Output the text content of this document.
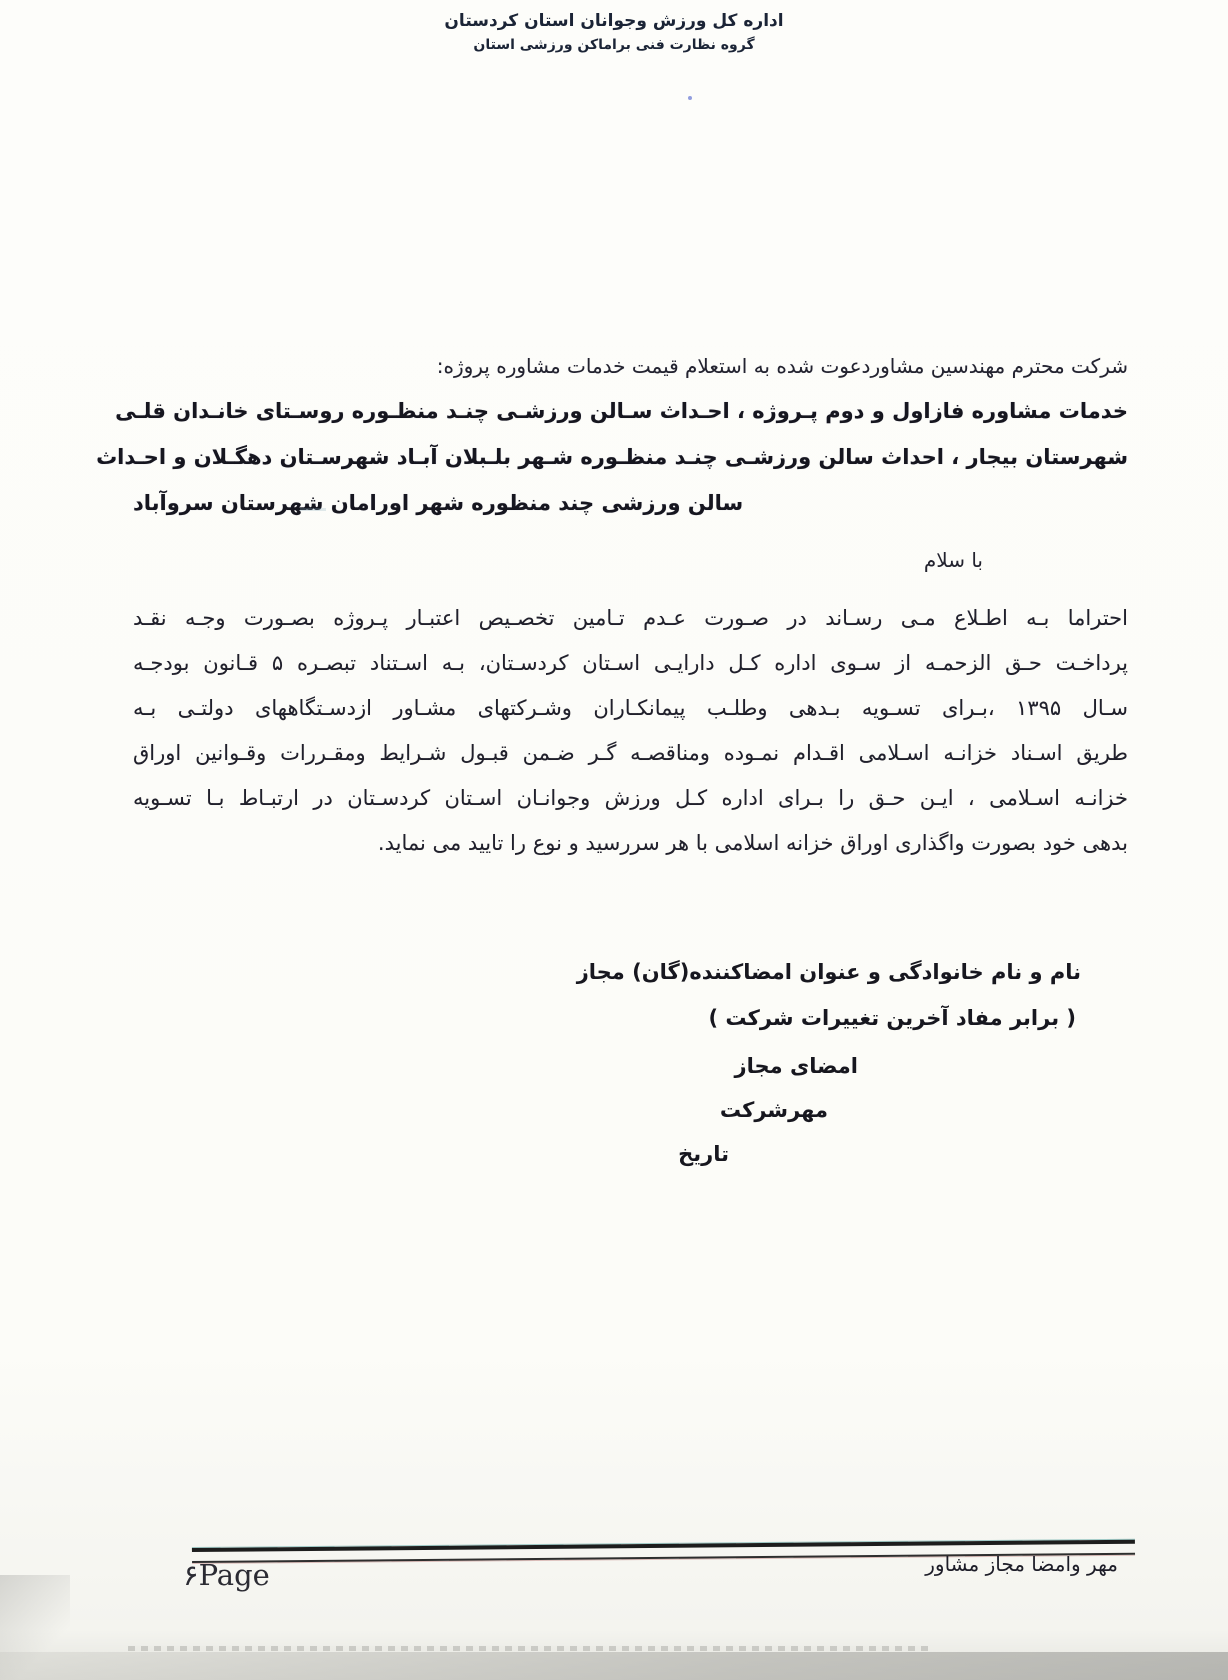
اداره کل ورزش وجوانان استان کردستان
گروه نظارت فنی براماکن ورزشی استان
شرکت محترم مهندسین مشاوردعوت شده به استعلام قیمت خدمات مشاوره پروژه:
خدمات مشاوره فازاول و دوم پـروژه ، احـداث سـالن ورزشـی چنـد منظـوره روسـتای خانـدان قلـی
شهرستان بیجار ، احداث سالن ورزشـی چنـد منظـوره شـهر بلـبلان آبـاد شهرسـتان دهگـلان و احـداث
سالن ورزشی چند منظوره شهر اورامان شهرستان سروآباد
با سلام
احتراما بـه اطـلاع مـی رسـاند در صـورت عـدم تـامین تخصـیص اعتبـار پـروژه بصـورت وجـه نقـد
پرداخـت حـق الزحمـه از سـوی اداره کـل دارایـی اسـتان کردسـتان، بـه اسـتناد تبصـره ۵ قـانون بودجـه
سـال ۱۳۹۵ ،بـرای تسـویه بـدهی وطلـب پیمانکـاران وشـرکتهای مشـاور ازدسـتگاههای دولتـی بـه
طریق اسـناد خزانـه اسـلامی اقـدام نمـوده ومناقصـه گـر ضـمن قبـول شـرایط ومقـررات وقـوانین اوراق
خزانـه اسـلامی ، ایـن حـق را بـرای اداره کـل ورزش وجوانـان اسـتان کردسـتان در ارتبـاط بـا تسـویه
بدهی خود بصورت واگذاری اوراق خزانه اسلامی با هر سررسید و نوع را تایید می نماید.
نام و نام خانوادگی و عنوان امضاکننده(گان) مجاز
( برابر مفاد آخرین تغییرات شرکت )
امضای مجاز
مهرشرکت
تاریخ
مهر وامضا مجاز مشاور
۶Page
